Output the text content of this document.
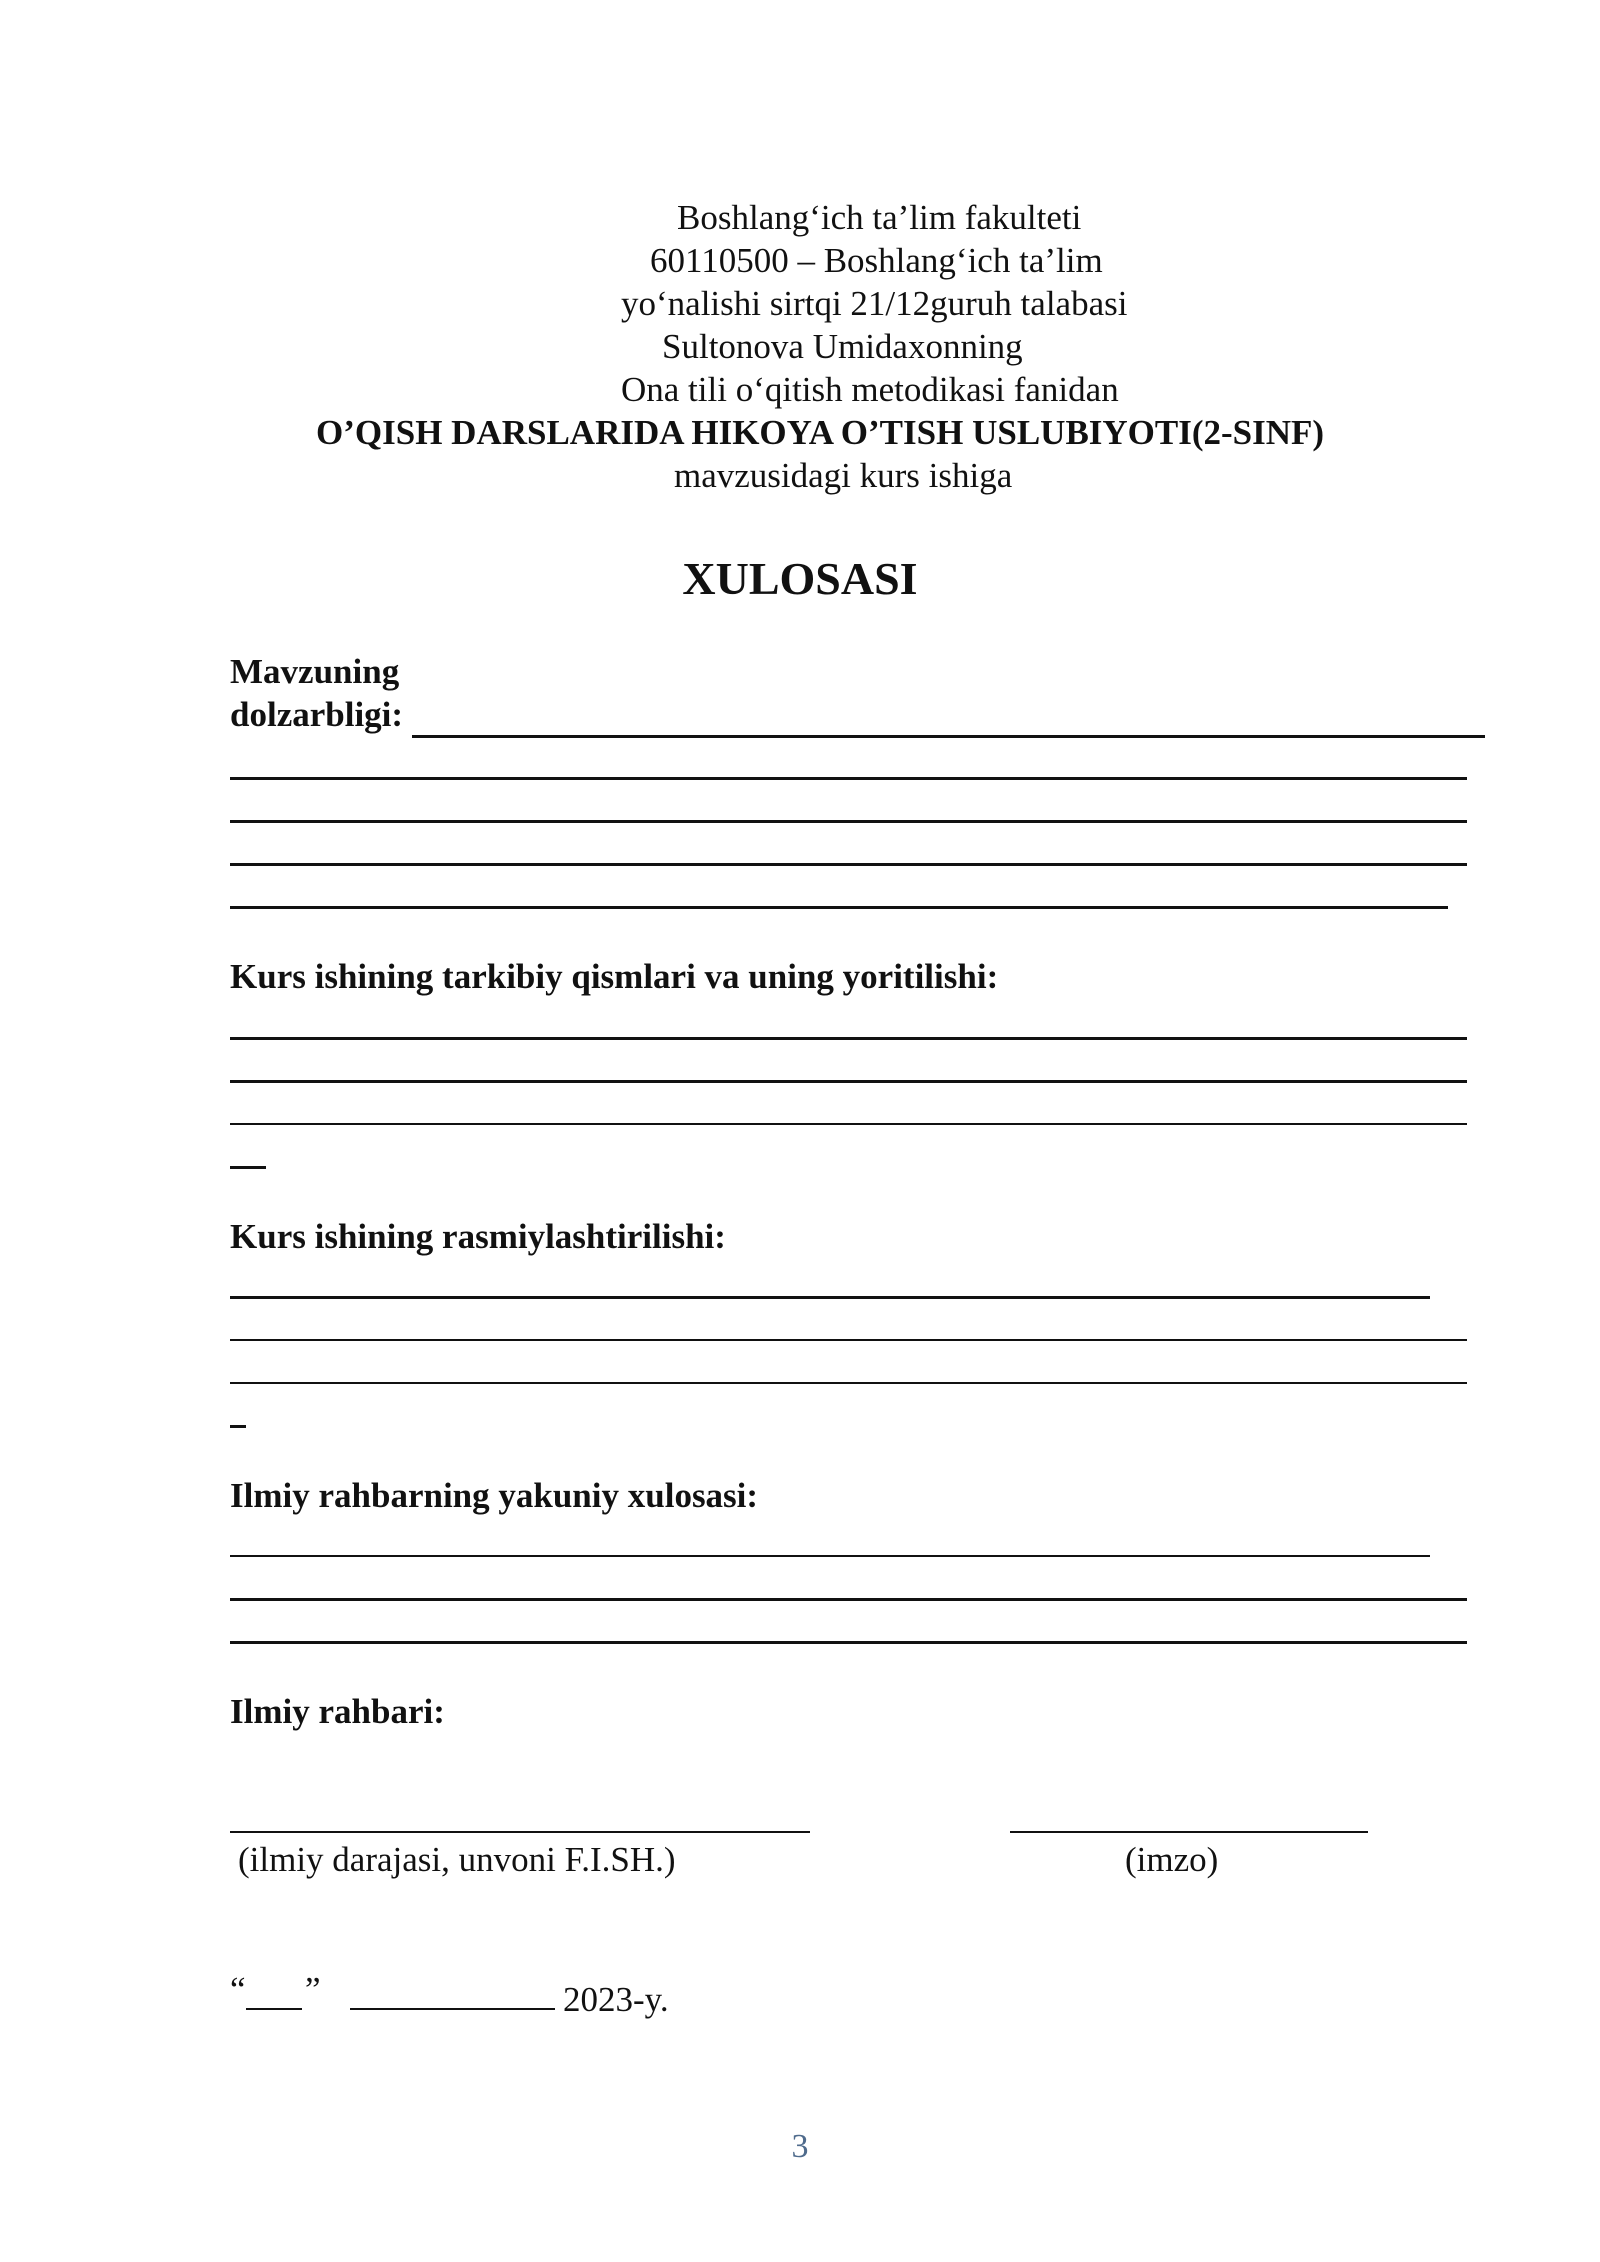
Boshlang‘ich ta’lim fakulteti
60110500 – Boshlang‘ich ta’lim
yo‘nalishi sirtqi 21/12guruh talabasi
Sultonova Umidaxonning
Ona tili o‘qitish metodikasi fanidan
O’QISH DARSLARIDA HIKOYA O’TISH USLUBIYOTI(2-SINF)
mavzusidagi kurs ishiga
XULOSASI
Mavzuning
dolzarbligi:
Kurs ishining tarkibiy qismlari va uning yoritilishi:
Kurs ishining rasmiylashtirilishi:
Ilmiy rahbarning yakuniy xulosasi:
Ilmiy rahbari:
(ilmiy darajasi, unvoni F.I.SH.)	(imzo)
“ ”	2023-y.
3
